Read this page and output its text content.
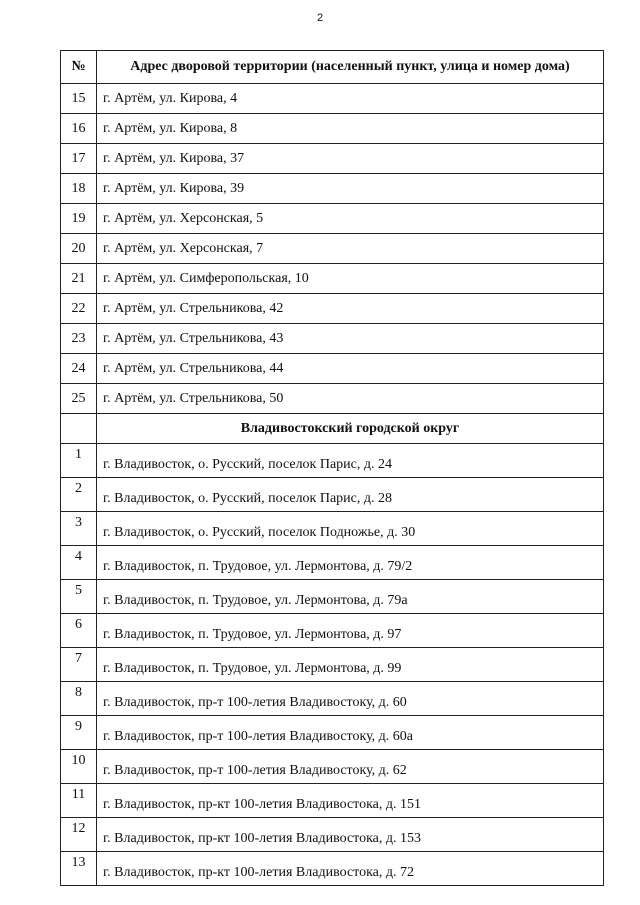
2
№	Адрес дворовой территории (населенный пункт, улица и номер дома)
15	г. Артём, ул. Кирова, 4
16	г. Артём, ул. Кирова, 8
17	г. Артём, ул. Кирова, 37
18	г. Артём, ул. Кирова, 39
19	г. Артём, ул. Херсонская, 5
20	г. Артём, ул. Херсонская, 7
21	г. Артём, ул. Симферопольская, 10
22	г. Артём, ул. Стрельникова, 42
23	г. Артём, ул. Стрельникова, 43
24	г. Артём, ул. Стрельникова, 44
25	г. Артём, ул. Стрельникова, 50
	Владивостокский городской округ
1	г. Владивосток, о. Русский, поселок Парис, д. 24
2	г. Владивосток, о. Русский, поселок Парис, д. 28
3	г. Владивосток, о. Русский, поселок Подножье, д. 30
4	г. Владивосток, п. Трудовое, ул. Лермонтова, д. 79/2
5	г. Владивосток, п. Трудовое, ул. Лермонтова, д. 79а
6	г. Владивосток, п. Трудовое, ул. Лермонтова, д. 97
7	г. Владивосток, п. Трудовое, ул. Лермонтова, д. 99
8	г. Владивосток, пр-т 100-летия Владивостоку, д. 60
9	г. Владивосток, пр-т 100-летия Владивостоку, д. 60а
10	г. Владивосток, пр-т 100-летия Владивостоку, д. 62
11	г. Владивосток, пр-кт 100-летия Владивостока, д. 151
12	г. Владивосток, пр-кт 100-летия Владивостока, д. 153
13	г. Владивосток, пр-кт 100-летия Владивостока, д. 72
